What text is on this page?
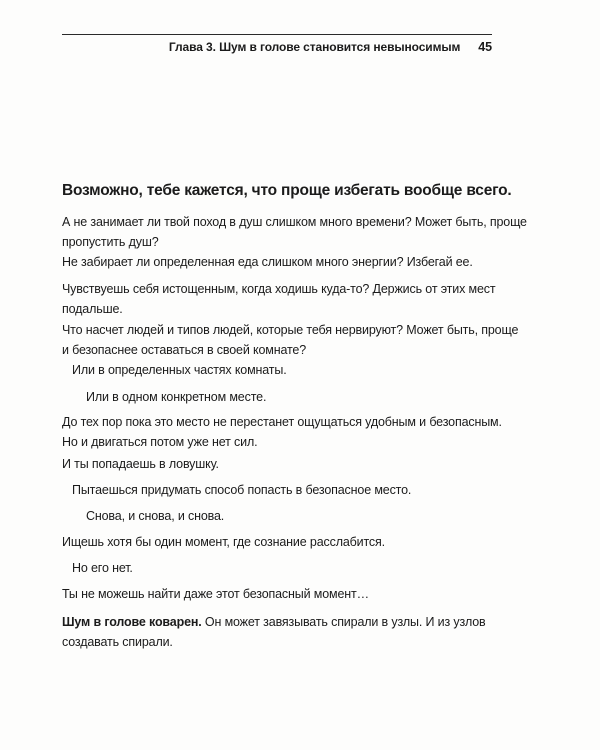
Глава 3. Шум в голове становится невыносимым 45
Возможно, тебе кажется, что проще избегать вообще всего.

А не занимает ли твой поход в душ слишком много времени? Может быть, проще
пропустить душ?

Не забирает ли определенная еда слишком много энергии? Избегай ее.

Чувствуешь себя истощенным, когда ходишь куда-то? Держись от этих мест
подальше.

Что насчет людей и типов людей, которые тебя нервируют? Может быть, проще
и безопаснее оставаться в своей комнате?

Или в определенных частях комнаты.

Или в одном конкретном месте.

До тех пор пока это место не перестанет ощущаться удобным и безопасным.
Но и двигаться потом уже нет сил.

И ты попадаешь в ловушку.

Пытаешься придумать способ попасть в безопасное место.

Снова, и снова, и снова.

Ищешь хотя бы один момент, где сознание расслабится.

Но его нет.

Ты не можешь найти даже этот безопасный момент…

Шум в голове коварен. Он может завязывать спирали в узлы. И из узлов
создавать спирали.
